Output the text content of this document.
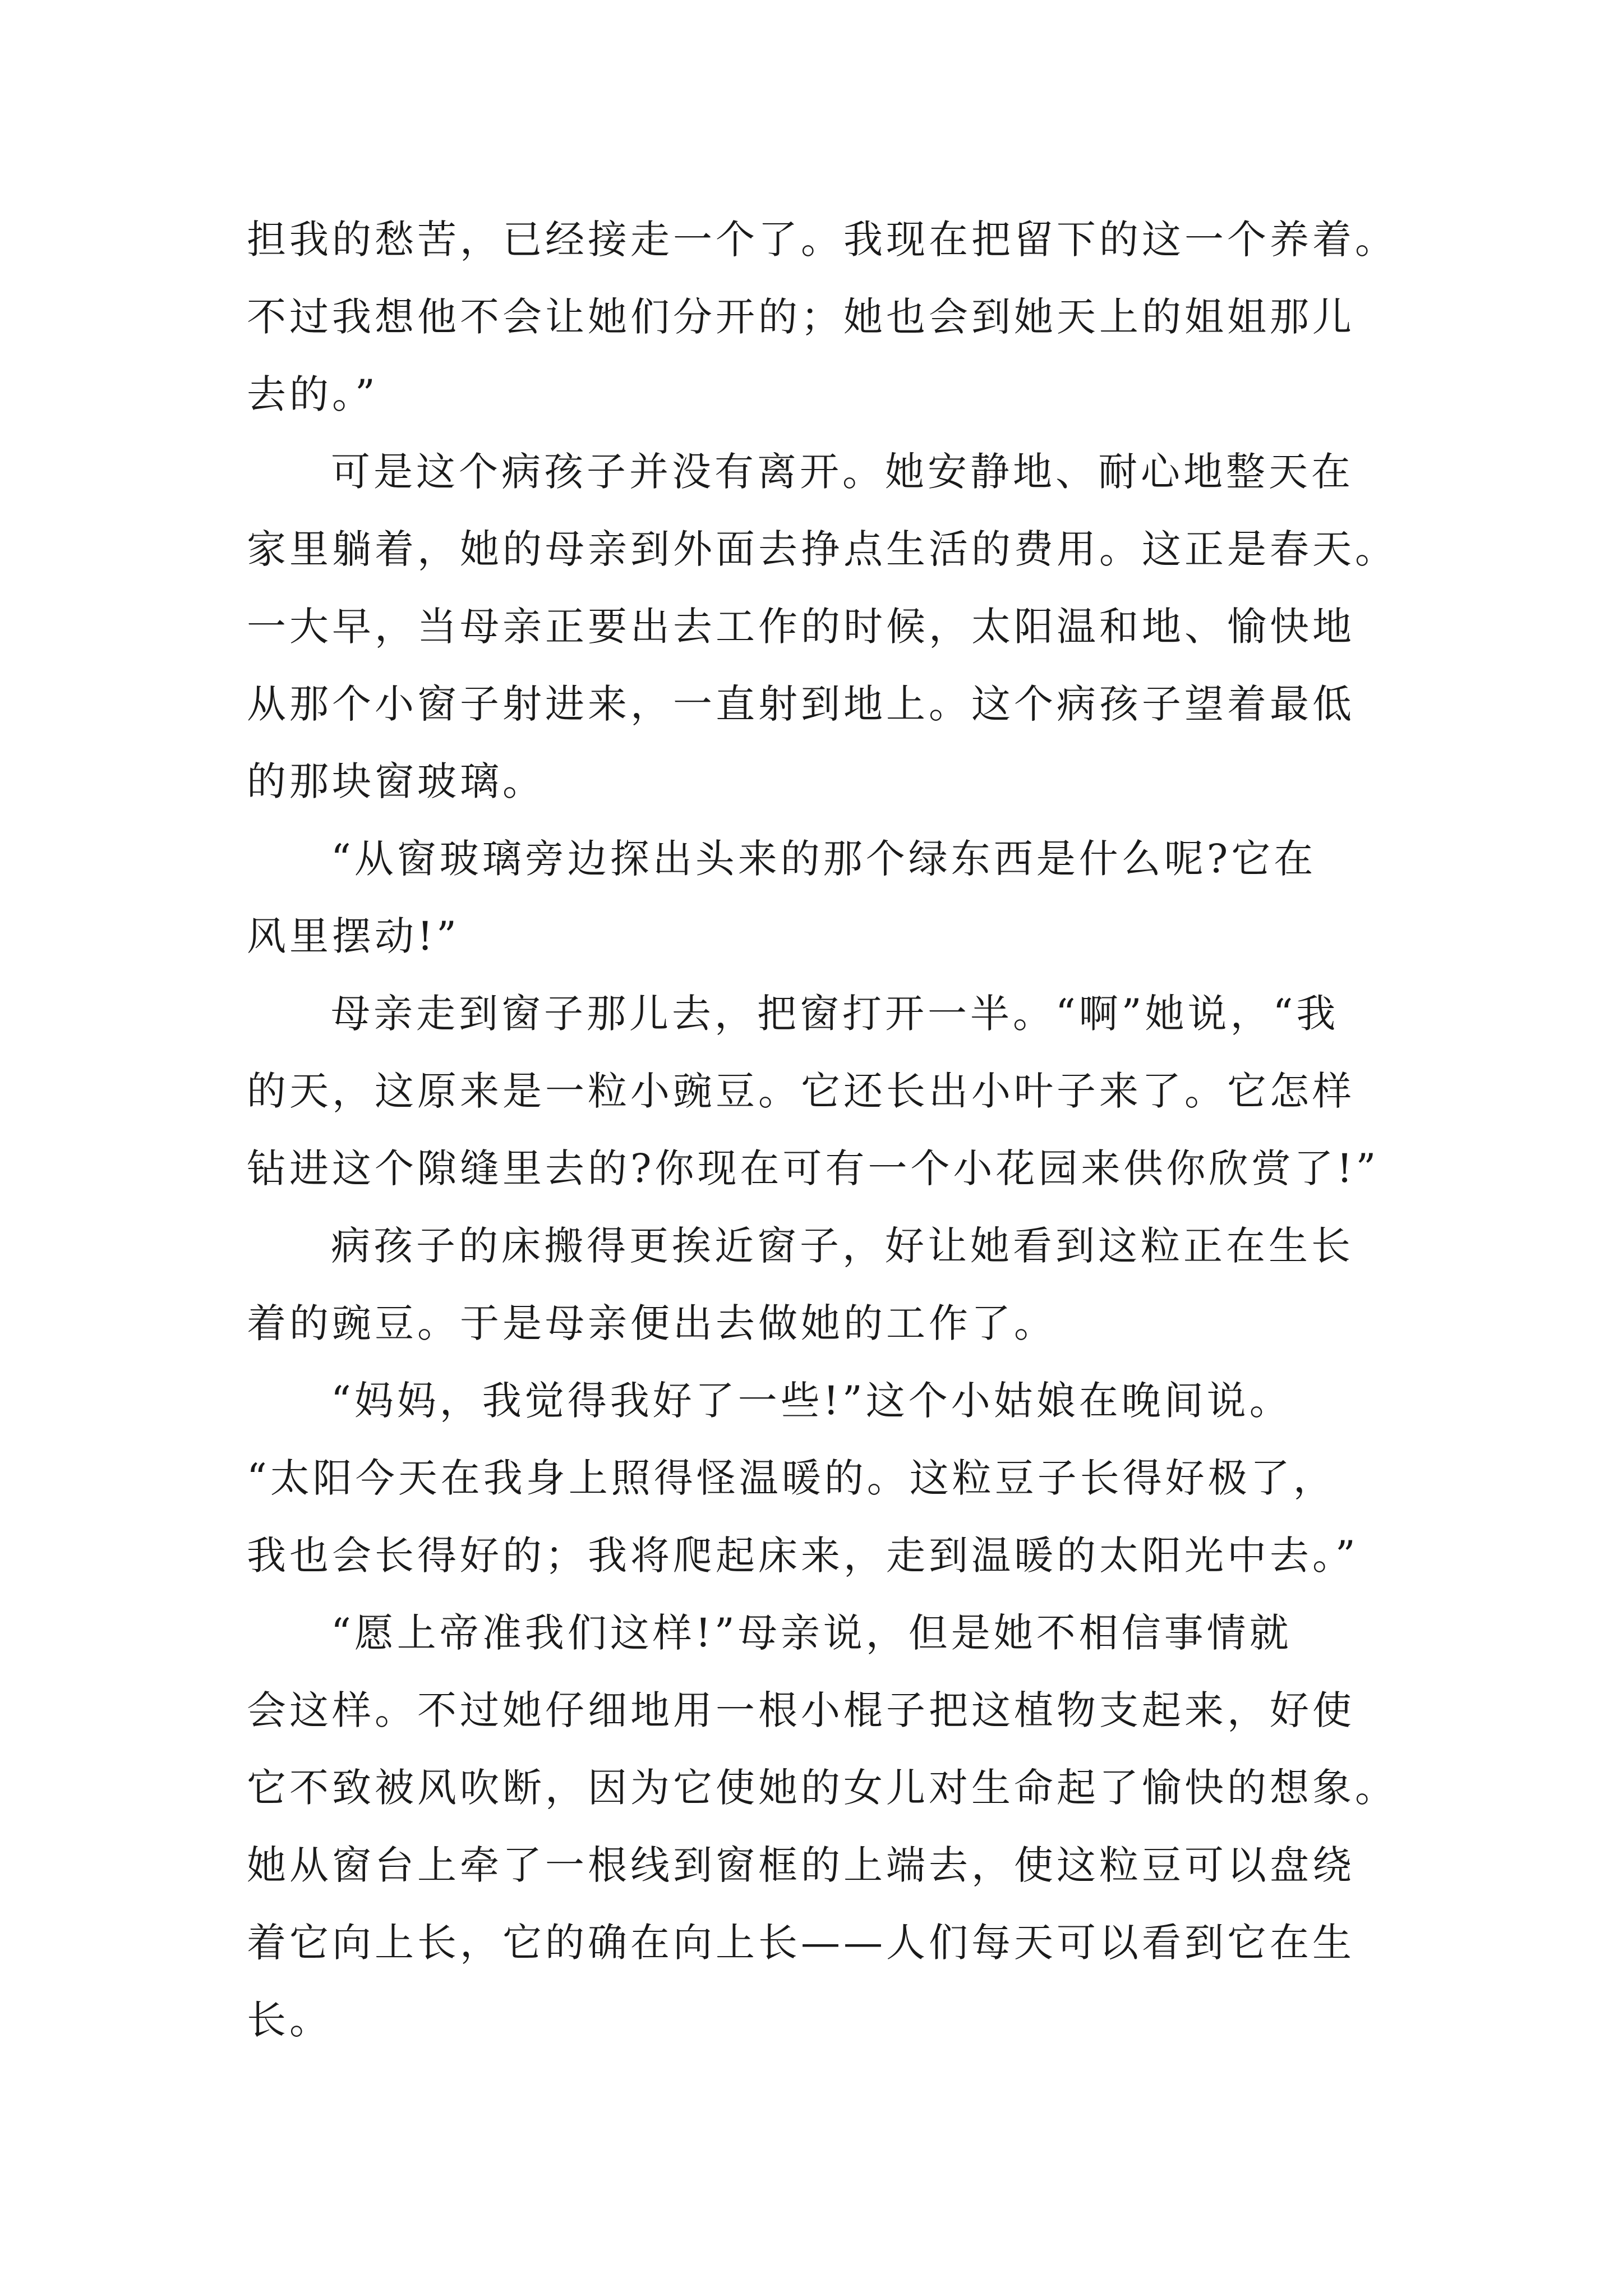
担我的愁苦，已经接走一个了。我现在把留下的这一个养着。
不过我想他不会让她们分开的；她也会到她天上的姐姐那儿
去的。”
可是这个病孩子并没有离开。她安静地、耐心地整天在
家里躺着，她的母亲到外面去挣点生活的费用。这正是春天。
一大早，当母亲正要出去工作的时候，太阳温和地、愉快地
从那个小窗子射进来，一直射到地上。这个病孩子望着最低
的那块窗玻璃。
“从窗玻璃旁边探出头来的那个绿东西是什么呢?它在
风里摆动!”
母亲走到窗子那儿去，把窗打开一半。“啊”她说，“我
的天，这原来是一粒小豌豆。它还长出小叶子来了。它怎样
钻进这个隙缝里去的?你现在可有一个小花园来供你欣赏了!”
病孩子的床搬得更挨近窗子，好让她看到这粒正在生长
着的豌豆。于是母亲便出去做她的工作了。
“妈妈，我觉得我好了一些!”这个小姑娘在晚间说。
“太阳今天在我身上照得怪温暖的。这粒豆子长得好极了，
我也会长得好的；我将爬起床来，走到温暖的太阳光中去。”
“愿上帝准我们这样!”母亲说，但是她不相信事情就
会这样。不过她仔细地用一根小棍子把这植物支起来，好使
它不致被风吹断，因为它使她的女儿对生命起了愉快的想象。
她从窗台上牵了一根线到窗框的上端去，使这粒豆可以盘绕
着它向上长，它的确在向上长——人们每天可以看到它在生
长。
